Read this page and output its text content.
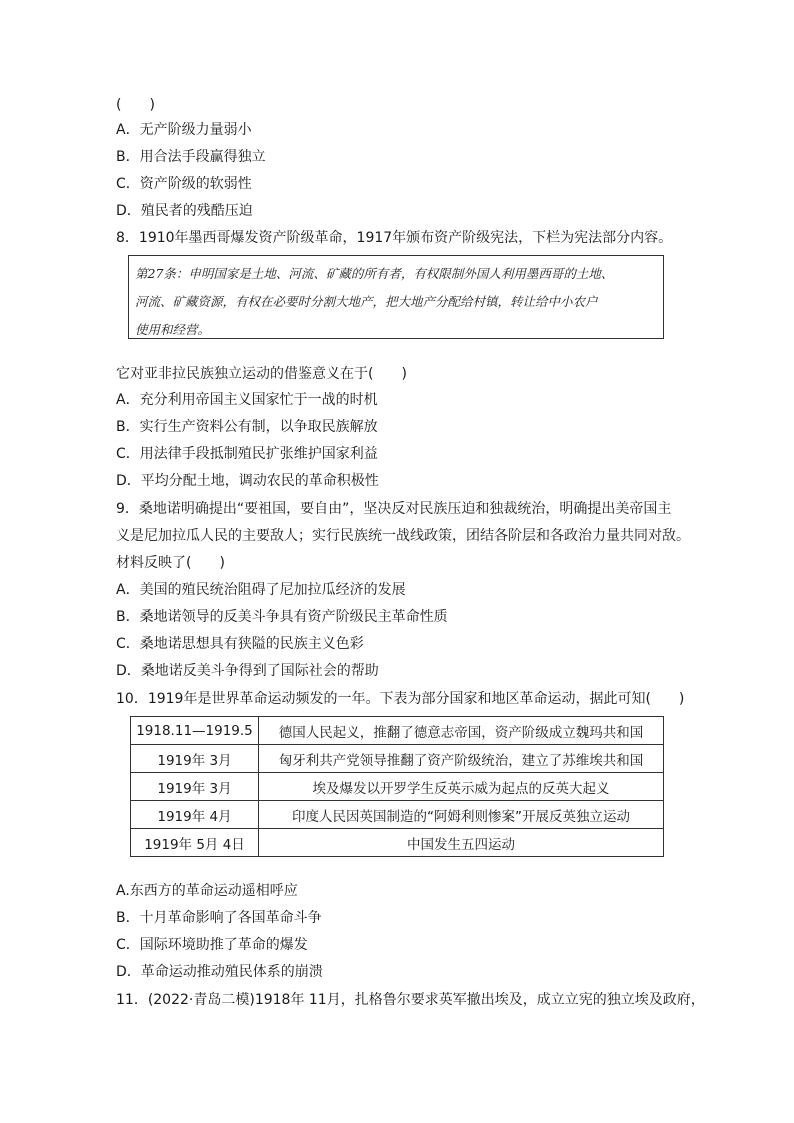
(　　)
A．无产阶级力量弱小
B．用合法手段赢得独立
C．资产阶级的软弱性
D．殖民者的残酷压迫
8．1910年墨西哥爆发资产阶级革命，1917年颁布资产阶级宪法，下栏为宪法部分内容。

第27条：申明国家是土地、河流、矿藏的所有者，有权限制外国人利用墨西哥的土地、

河流、矿藏资源，有权在必要时分割大地产，把大地产分配给村镇，转让给中小农户

使用和经营。

它对亚非拉民族独立运动的借鉴意义在于(　　)
A．充分利用帝国主义国家忙于一战的时机
B．实行生产资料公有制，以争取民族解放
C．用法律手段抵制殖民扩张维护国家利益
D．平均分配土地，调动农民的革命积极性
9．桑地诺明确提出“要祖国，要自由”，坚决反对民族压迫和独裁统治，明确提出美帝国主
义是尼加拉瓜人民的主要敌人；实行民族统一战线政策，团结各阶层和各政治力量共同对敌。
材料反映了(　　)
A．美国的殖民统治阻碍了尼加拉瓜经济的发展
B．桑地诺领导的反美斗争具有资产阶级民主革命性质
C．桑地诺思想具有狭隘的民族主义色彩
D．桑地诺反美斗争得到了国际社会的帮助
10．1919年是世界革命运动频发的一年。下表为部分国家和地区革命运动，据此可知(　　)
1918.11—1919.5	德国人民起义，推翻了德意志帝国，资产阶级成立魏玛共和国
1919年 3月	匈牙利共产党领导推翻了资产阶级统治，建立了苏维埃共和国
1919年 3月	埃及爆发以开罗学生反英示威为起点的反英大起义
1919年 4月	印度人民因英国制造的“阿姆利则惨案”开展反英独立运动
1919年 5月 4日	中国发生五四运动
A.东西方的革命运动遥相呼应
B．十月革命影响了各国革命斗争
C．国际环境助推了革命的爆发
D．革命运动推动殖民体系的崩溃
11．(2022·青岛二模)1918年 11月，扎格鲁尔要求英军撤出埃及，成立立宪的独立埃及政府，
